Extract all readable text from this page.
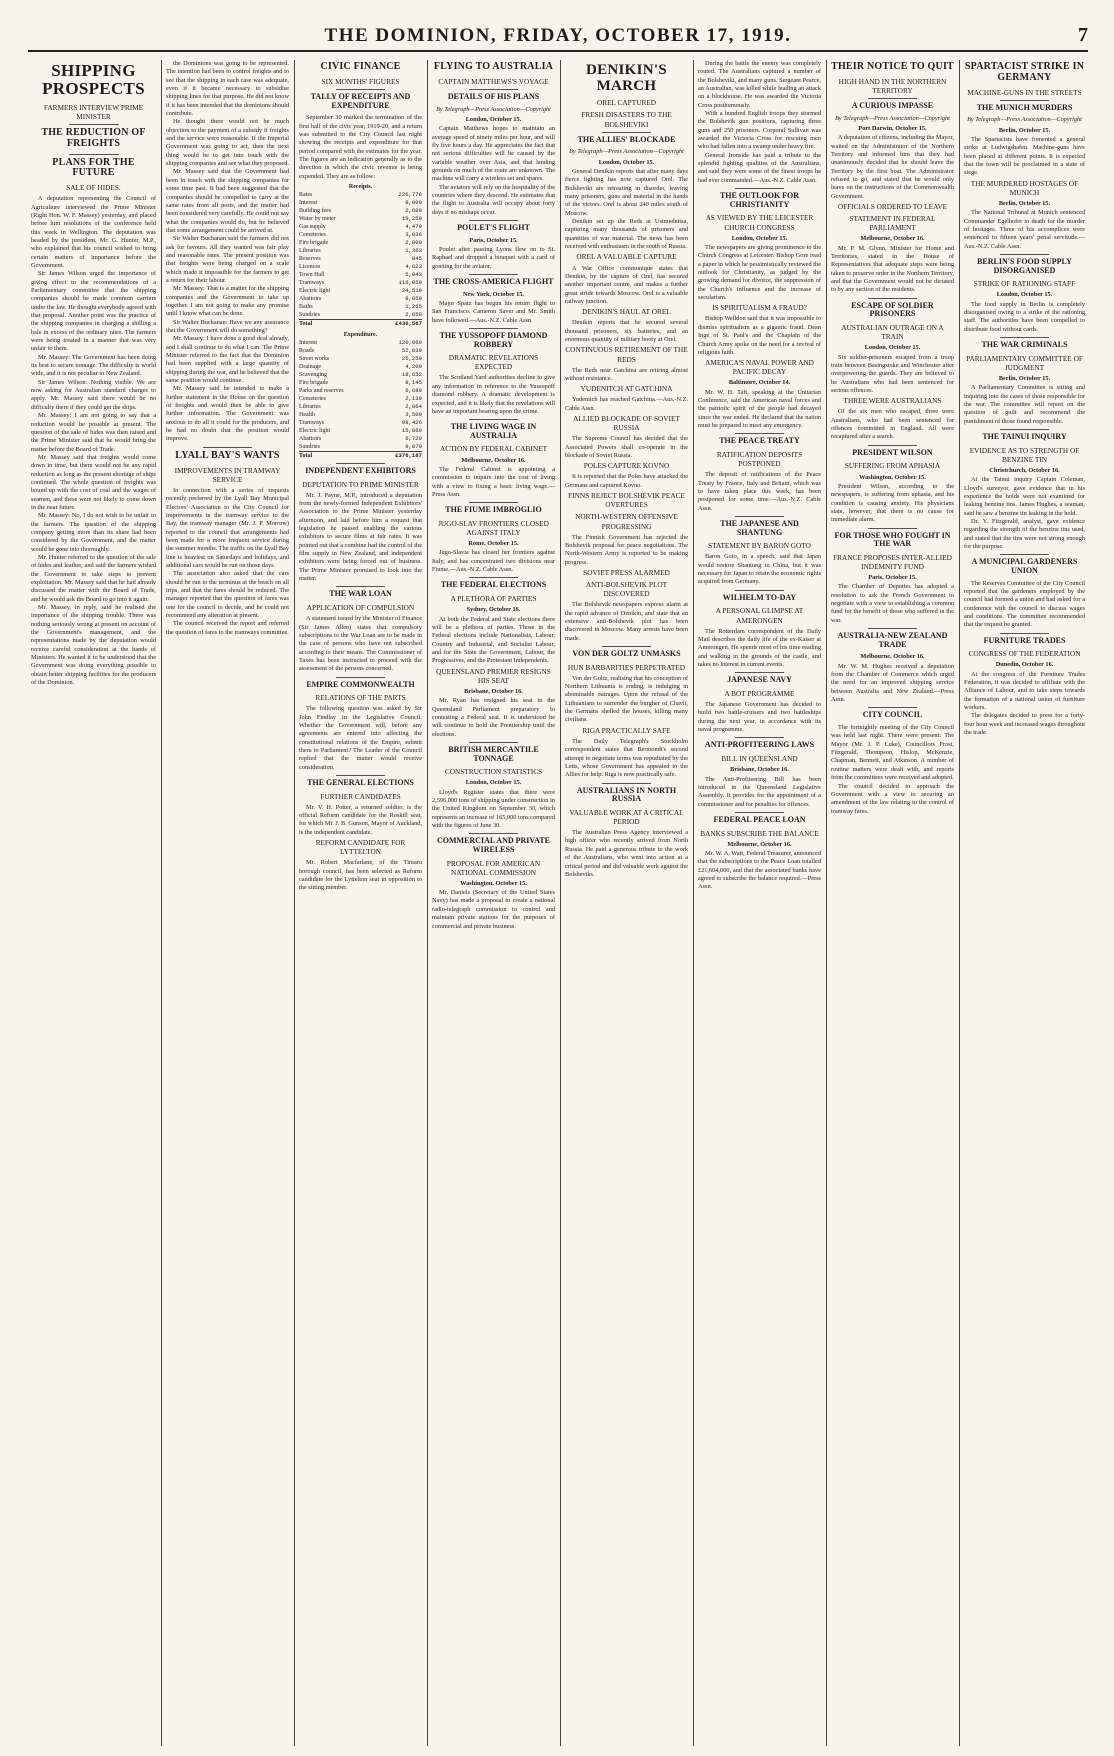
THE DOMINION, FRIDAY, OCTOBER 17, 1919.	7
SHIPPING PROSPECTS
FARMERS INTERVIEW PRIME MINISTER
THE REDUCTION OF FREIGHTS
PLANS FOR THE FUTURE
SALE OF HIDES.

A deputation representing the Council of Agriculture interviewed the Prime Minister (Right Hon. W. F. Massey) yesterday, and placed before him resolutions of the conference held this week in Wellington. The deputation was headed by the president, Mr. G. Hunter, M.P., who explained that his council wished to bring certain matters of importance before the Government.

Sir James Wilson urged the importance of giving effect to the recommendations of a Parliamentary committee that the shipping companies should be made common carriers under the law. He thought everybody agreed with that proposal. Another point was the practice of the shipping companies in charging a shilling a bale in excess of the ordinary rates. The farmers were being treated in a manner that was very unfair to them.

Mr. Massey: The Government has been doing its best to secure tonnage. The difficulty is world wide, and it is not peculiar to New Zealand.

Sir James Wilson: Nothing visible. We are now asking for Australian standard charges to apply. Mr. Massey said there would be no difficulty there if they could get the ships.

Mr. Massey: I am not going to say that a reduction would be possible at present. The question of the sale of hides was then raised and the Prime Minister said that he would bring the matter before the Board of Trade.

Mr. Massey said that freights would come down in time, but there would not be any rapid reduction as long as the present shortage of ships continued. The whole question of freights was bound up with the cost of coal and the wages of seamen, and these were not likely to come down in the near future.

Mr. Massey: No, I do not wish to be unfair to the farmers. The question of the shipping company getting more than its share had been considered by the Government, and the matter would be gone into thoroughly.

Mr. Hunter referred to the question of the sale of hides and leather, and said the farmers wished the Government to take steps to prevent exploitation. Mr. Massey said that he had already discussed the matter with the Board of Trade, and he would ask the Board to go into it again.

Mr. Massey, in reply, said he realised the importance of the shipping trouble. There was nothing seriously wrong at present on account of the Government's management, and the representations made by the deputation would receive careful consideration at the hands of Ministers. He wanted it to be understood that the Government was doing everything possible to obtain better shipping facilities for the producers of the Dominion.

the Dominions was going to be represented. The intention had been to control freights and to see that the shipping in each case was adequate, even if it became necessary to subsidise shipping lines for that purpose. He did not know if it has been intended that the dominions should contribute.

He thought there would not be much objection to the payment of a subsidy if freights and the service were reasonable. If the Imperial Government was going to act, then the next thing would be to get into touch with the shipping companies and see what they proposed.

Mr. Massey said that the Government had been in touch with the shipping companies for some time past. It had been suggested that the companies should be compelled to carry at the same rates from all ports, and the matter had been considered very carefully. He could not say what the companies would do, but he believed that some arrangement could be arrived at.

Sir Walter Buchanan said the farmers did not ask for favours. All they wanted was fair play and reasonable rates. The present position was that freights were being charged on a scale which made it impossible for the farmers to get a return for their labour.

Mr. Massey: That is a matter for the shipping companies and the Government to take up together. I am not going to make any promise until I know what can be done.

Sir Walter Buchanan: Have we any assurance that the Government will do something?

Mr. Massey: I have done a good deal already, and I shall continue to do what I can. The Prime Minister referred to the fact that the Dominion had been supplied with a large quantity of shipping during the war, and he believed that the same position would continue.

Mr. Massey said he intended to make a further statement in the House on the question of freights and would then be able to give further information. The Government was anxious to do all it could for the producers, and he had no doubt that the position would improve.

LYALL BAY'S WANTS
IMPROVEMENTS IN TRAMWAY SERVICE

In connection with a series of requests recently preferred by the Lyall Bay Municipal Electors' Association to the City Council for improvements in the tramway service to the Bay, the tramway manager (Mr. J. P. Morrow) reported to the council that arrangements had been made for a more frequent service during the summer months. The traffic on the Lyall Bay line is heaviest on Saturdays and holidays, and additional cars would be run on those days.

The association also asked that the cars should be run to the terminus at the beach on all trips, and that the fares should be reduced. The manager reported that the question of fares was one for the council to decide, and he could not recommend any alteration at present.

The council received the report and referred the question of fares to the tramways committee.

CIVIC FINANCE
SIX MONTHS' FIGURES
TALLY OF RECEIPTS AND EXPENDITURE

September 30 marked the termination of the first half of the civic year, 1919-20, and a return was submitted to the City Council last night showing the receipts and expenditure for that period compared with the estimates for the year. The figures are an indication generally as to the direction in which the civic revenue is being expended. They are as follow:

Receipts.
Rates	226,776
Interest	8,009
Building fees	2,608
Water by meter	19,250
Gas supply	4,470
Cemeteries	3,036
Fire brigade	2,800
Libraries	1,363
Reserves	845
Licences	4,823
Town Hall	5,943
Tramways	116,050
Electric light	24,519
Abattoirs	8,050
Baths	1,265
Sundries	2,050
Total	£430,567
Expenditure.
Interest	120,060
Roads	52,830
Street works	25,250
Drainage	4,200
Scavenging	18,652
Fire brigade	8,145
Parks and reserves	6,680
Cemeteries	2,130
Libraries	2,864
Health	3,500
Tramways	99,426
Electric light	15,860
Abattoirs	6,720
Sundries	9,870
Total	£376,187
INDEPENDENT EXHIBITORS
DEPUTATION TO PRIME MINISTER

Mr. J. Payne, M.P., introduced a deputation from the newly-formed Independent Exhibitors' Association to the Prime Minister yesterday afternoon, and laid before him a request that legislation be passed enabling the various exhibitors to secure films at fair rates. It was pointed out that a combine had the control of the film supply in New Zealand, and independent exhibitors were being forced out of business. The Prime Minister promised to look into the matter.

THE WAR LOAN
APPLICATION OF COMPULSION

A statement issued by the Minister of Finance (Sir James Allen) states that compulsory subscriptions to the War Loan are to be made in the case of persons who have not subscribed according to their means. The Commissioner of Taxes has been instructed to proceed with the assessment of the persons concerned.

EMPIRE COMMONWEALTH
RELATIONS OF THE PARTS

The following question was asked by Sir John Findlay in the Legislative Council: Whether the Government will, before any agreements are entered into affecting the constitutional relations of the Empire, submit them to Parliament? The Leader of the Council replied that the matter would receive consideration.

THE GENERAL ELECTIONS
FURTHER CANDIDATES

Mr. V. H. Potter, a returned soldier, is the official Reform candidate for the Roskill seat, for which Mr. J. B. Gunson, Mayor of Auckland, is the independent candidate.

REFORM CANDIDATE FOR LYTTELTON

Mr. Robert Macfarlane, of the Timaru borough council, has been selected as Reform candidate for the Lyttelton seat in opposition to the sitting member.

FLYING TO AUSTRALIA
CAPTAIN MATTHEWS'S VOYAGE
DETAILS OF HIS PLANS
By Telegraph—Press Association—Copyright
London, October 15.

Captain Matthews hopes to maintain an average speed of ninety miles per hour, and will fly five hours a day. He appreciates the fact that not serious difficulties will be caused by the variable weather over Asia, and that landing grounds on much of the route are unknown. The machine will carry a wireless set and spares.

The aviators will rely on the hospitality of the countries where they descend. He estimates that the flight to Australia will occupy about forty days if no mishaps occur.

POULET'S FLIGHT
Paris, October 15.

Poulet after passing Lyons flew on to St. Raphael and dropped a bouquet with a card of greeting for the aviator.

THE CROSS-AMERICA FLIGHT
New York, October 15.

Major Spatz has begun his return flight to San Francisco. Cameron Saver and Mr. Smith have followed.—Aus.-N.Z. Cable Assn.

THE YUSSOPOFF DIAMOND ROBBERY
DRAMATIC REVELATIONS EXPECTED

The Scotland Yard authorities decline to give any information in reference to the Yussopoff diamond robbery. A dramatic development is expected, and it is likely that the revelations will have an important bearing upon the crime.

THE LIVING WAGE IN AUSTRALIA
ACTION BY FEDERAL CABINET
Melbourne, October 16.

The Federal Cabinet is appointing a commission to inquire into the cost of living with a view to fixing a basic living wage.—Press Assn.

THE FIUME IMBROGLIO
JUGO-SLAV FRONTIERS CLOSED AGAINST ITALY
Rome, October 15.

Jugo-Slavia has closed her frontiers against Italy, and has concentrated two divisions near Fiume.—Aus.-N.Z. Cable Assn.

THE FEDERAL ELECTIONS
A PLETHORA OF PARTIES
Sydney, October 16.

At both the Federal and State elections there will be a plethora of parties. Those in the Federal elections include Nationalists, Labour, Country and Industrial, and Socialist Labour, and for the State the Government, Labour, the Progressives, and the Protestant Independents.

QUEENSLAND PREMIER RESIGNS HIS SEAT
Brisbane, October 16.

Mr. Ryan has resigned his seat in the Queensland Parliament preparatory to contesting a Federal seat. It is understood he will continue to hold the Premiership until the elections.

BRITISH MERCANTILE TONNAGE
CONSTRUCTION STATISTICS
London, October 15.

Lloyd's Register states that there were 2,596,000 tons of shipping under construction in the United Kingdom on September 30, which represents an increase of 165,000 tons compared with the figures of June 30.

COMMERCIAL AND PRIVATE WIRELESS
PROPOSAL FOR AMERICAN NATIONAL COMMISSION
Washington, October 15.

Mr. Daniels (Secretary of the United States Navy) has made a proposal to create a national radio-telegraph commission to control and maintain private stations for the purposes of commercial and private business.

DENIKIN'S MARCH
OREL CAPTURED
FRESH DISASTERS TO THE BOLSHEVIKI
THE ALLIES' BLOCKADE
By Telegraph—Press Association—Copyright
London, October 15.

General Denikin reports that after many days fierce fighting has now captured Orel. The Bolsheviki are retreating in disorder, leaving many prisoners, guns and material in the hands of the victors. Orel is about 240 miles south of Moscow.

Denikin set up the Reds at Ustmednitsa, capturing many thousands of prisoners and quantities of war material. The news has been received with enthusiasm in the south of Russia.

OREL A VALUABLE CAPTURE

A War Office communique states that Denikin, by the capture of Orel, has secured another important centre, and makes a further great stride towards Moscow. Orel is a valuable railway junction.

DENIKIN'S HAUL AT OREL

Denikin reports that he secured several thousand prisoners, six batteries, and an enormous quantity of military booty at Orel.

CONTINUOUS RETIREMENT OF THE REDS

The Reds near Gatchina are retiring almost without resistance.

YUDENITCH AT GATCHINA

Yudenitch has reached Gatchina.—Aus.-N.Z. Cable Assn.

ALLIED BLOCKADE OF SOVIET RUSSIA

The Supreme Council has decided that the Associated Powers shall co-operate in the blockade of Soviet Russia.

POLES CAPTURE KOVNO

It is reported that the Poles have attacked the Germans and captured Kovno.

FINNS REJECT BOLSHEVIK PEACE OVERTURES
NORTH-WESTERN OFFENSIVE PROGRESSING

The Finnish Government has rejected the Bolshevik proposal for peace negotiations. The North-Western Army is reported to be making progress.

SOVIET PRESS ALARMED
ANTI-BOLSHEVIK PLOT DISCOVERED

The Bolshevik newspapers express alarm at the rapid advance of Denikin, and state that an extensive anti-Bolshevik plot has been discovered in Moscow. Many arrests have been made.

VON DER GOLTZ UNMASKS
HUN BARBARITIES PERPETRATED

Von der Goltz, realising that his conception of Northern Lithuania is ending, is indulging in abominable outrages. Upon the refusal of the Lithuanians to surrender the burgher of Chavli, the Germans shelled the houses, killing many civilians.

RIGA PRACTICALLY SAFE

The Daily Telegraph's Stockholm correspondent states that Bermondt's second attempt to negotiate terms was repudiated by the Letts, whose Government has appealed to the Allies for help. Riga is now practically safe.

AUSTRALIANS IN NORTH RUSSIA
VALUABLE WORK AT A CRITICAL PERIOD

The Australian Press Agency interviewed a high officer who recently arrived from North Russia. He paid a generous tribute to the work of the Australians, who went into action at a critical period and did valuable work against the Bolsheviks.

During the battle the enemy was completely routed. The Australians captured a number of the Bolsheviki, and many guns. Sergeant Pearce, an Australian, was killed while leading an attack on a blockhouse. He was awarded the Victoria Cross posthumously.

With a hundred English troops they stormed the Bolshevik gun positions, capturing three guns and 250 prisoners. Corporal Sullivan was awarded the Victoria Cross for rescuing men who had fallen into a swamp under heavy fire.

General Ironside has paid a tribute to the splendid fighting qualities of the Australians, and said they were some of the finest troops he had ever commanded.—Aus.-N.Z. Cable Assn.

THE OUTLOOK FOR CHRISTIANITY
AS VIEWED BY THE LEICESTER CHURCH CONGRESS
London, October 15.

The newspapers are giving prominence to the Church Congress at Leicester. Bishop Gore read a paper in which he pessimistically reviewed the outlook for Christianity, as judged by the growing demand for divorce, the suppression of the Church's influence and the increase of secularism.

IS SPIRITUALISM A FRAUD?

Bishop Welldon said that it was impossible to dismiss spiritualism as a gigantic fraud. Dean Inge of St. Paul's and the Chaplain of the Church Army spoke on the need for a revival of religious faith.

AMERICA'S NAVAL POWER AND PACIFIC DECAY
Baltimore, October 14.

Mr. W. H. Taft, speaking at the Unitarian Conference, said the American naval forces and the patriotic spirit of the people had decayed since the war ended. He declared that the nation must be prepared to meet any emergency.

THE PEACE TREATY
RATIFICATION DEPOSITS POSTPONED

The deposit of ratifications of the Peace Treaty by France, Italy and Britain, which was to have taken place this week, has been postponed for some time.—Aus.-N.Z. Cable Assn.

THE JAPANESE AND SHANTUNG
STATEMENT BY BARON GOTO

Baron Goto, in a speech, said that Japan would restore Shantung to China, but it was necessary for Japan to retain the economic rights acquired from Germany.

WILHELM TO-DAY
A PERSONAL GLIMPSE AT AMERONGEN

The Rotterdam correspondent of the Daily Mail describes the daily life of the ex-Kaiser at Amerongen. He spends most of his time reading and walking in the grounds of the castle, and takes no interest in current events.

JAPANESE NAVY
A BOT PROGRAMME

The Japanese Government has decided to build two battle-cruisers and two battleships during the next year, in accordance with its naval programme.

ANTI-PROFITEERING LAWS
BILL IN QUEENSLAND
Brisbane, October 16.

The Anti-Profiteering Bill has been introduced in the Queensland Legislative Assembly. It provides for the appointment of a commissioner and for penalties for offences.

FEDERAL PEACE LOAN
BANKS SUBSCRIBE THE BALANCE
Melbourne, October 16.

Mr. W. A. Watt, Federal Treasurer, announced that the subscriptions to the Peace Loan totalled £21,604,000, and that the associated banks have agreed to subscribe the balance required.—Press Assn.

THEIR NOTICE TO QUIT
HIGH HAND IN THE NORTHERN TERRITORY
A CURIOUS IMPASSE
By Telegraph—Press Association—Copyright
Port Darwin, October 15.

A deputation of citizens, including the Mayor, waited on the Administrator of the Northern Territory and informed him that they had unanimously decided that he should leave the Territory by the first boat. The Administrator refused to go, and stated that he would only leave on the instructions of the Commonwealth Government.

OFFICIALS ORDERED TO LEAVE
STATEMENT IN FEDERAL PARLIAMENT
Melbourne, October 16.

Mr. P. M. Glynn, Minister for Home and Territories, stated in the House of Representatives that adequate steps were being taken to preserve order in the Northern Territory, and that the Government would not be dictated to by any section of the residents.

ESCAPE OF SOLDIER PRISONERS
AUSTRALIAN OUTRAGE ON A TRAIN
London, October 15.

Six soldier-prisoners escaped from a troop train between Basingstoke and Winchester after overpowering the guards. They are believed to be Australians who had been sentenced for serious offences.

THREE WERE AUSTRALIANS

Of the six men who escaped, three were Australians, who had been sentenced for offences committed in England. All were recaptured after a search.

PRESIDENT WILSON
SUFFERING FROM APHASIA
Washington, October 15.

President Wilson, according to the newspapers, is suffering from aphasia, and his condition is causing anxiety. His physicians state, however, that there is no cause for immediate alarm.

FOR THOSE WHO FOUGHT IN THE WAR
FRANCE PROPOSES INTER-ALLIED INDEMNITY FUND
Paris, October 15.

The Chamber of Deputies has adopted a resolution to ask the French Government to negotiate with a view to establishing a common fund for the benefit of those who suffered in the war.

AUSTRALIA-NEW ZEALAND TRADE
Melbourne, October 16.

Mr. W. M. Hughes received a deputation from the Chamber of Commerce which urged the need for an improved shipping service between Australia and New Zealand.—Press Assn.

CITY COUNCIL

The fortnightly meeting of the City Council was held last night. There were present: The Mayor (Mr. J. P. Luke), Councillors Frost, Fitzgerald, Thompson, Hislop, McKenzie, Chapman, Bennett, and Atkinson. A number of routine matters were dealt with, and reports from the committees were received and adopted.

The council decided to approach the Government with a view to securing an amendment of the law relating to the control of tramway fares.

SPARTACIST STRIKE IN GERMANY
MACHINE-GUNS IN THE STREETS
THE MUNICH MURDERS
By Telegraph—Press Association—Copyright
Berlin, October 15.

The Spartacists have fomented a general strike at Ludwigshafen. Machine-guns have been placed at different points. It is expected that the town will be proclaimed in a state of siege.

THE MURDERED HOSTAGES OF MUNICH
Berlin, October 15.

The National Tribunal at Munich sentenced Commander Egelhofer to death for the murder of hostages. Three of his accomplices were sentenced to fifteen years' penal servitude.—Aus.-N.Z. Cable Assn.

BERLIN'S FOOD SUPPLY DISORGANISED
STRIKE OF RATIONING STAFF
London, October 15.

The food supply in Berlin is completely disorganised owing to a strike of the rationing staff. The authorities have been compelled to distribute food without cards.

THE WAR CRIMINALS
PARLIAMENTARY COMMITTEE OF JUDGMENT
Berlin, October 15.

A Parliamentary Committee is sitting and inquiring into the cases of those responsible for the war. The committee will report on the question of guilt and recommend the punishment of those found responsible.

THE TAINUI INQUIRY
EVIDENCE AS TO STRENGTH OF BENZINE TIN
Christchurch, October 16.

At the Tainui inquiry Captain Coleman, Lloyd's surveyor, gave evidence that in his experience the holds were not examined for leaking benzine tins. James Hughes, a seaman, said he saw a benzine tin leaking in the hold.

Dr. Y. Fitzgerald, analyst, gave evidence regarding the strength of the benzine tins used, and stated that the tins were not strong enough for the purpose.

A MUNICIPAL GARDENERS UNION

The Reserves Committee of the City Council reported that the gardeners employed by the council had formed a union and had asked for a conference with the council to discuss wages and conditions. The committee recommended that the request be granted.

FURNITURE TRADES
CONGRESS OF THE FEDERATION
Dunedin, October 16.

At the congress of the Furniture Trades Federation, it was decided to affiliate with the Alliance of Labour, and to take steps towards the formation of a national union of furniture workers.

The delegates decided to press for a forty-four hour week and increased wages throughout the trade.
